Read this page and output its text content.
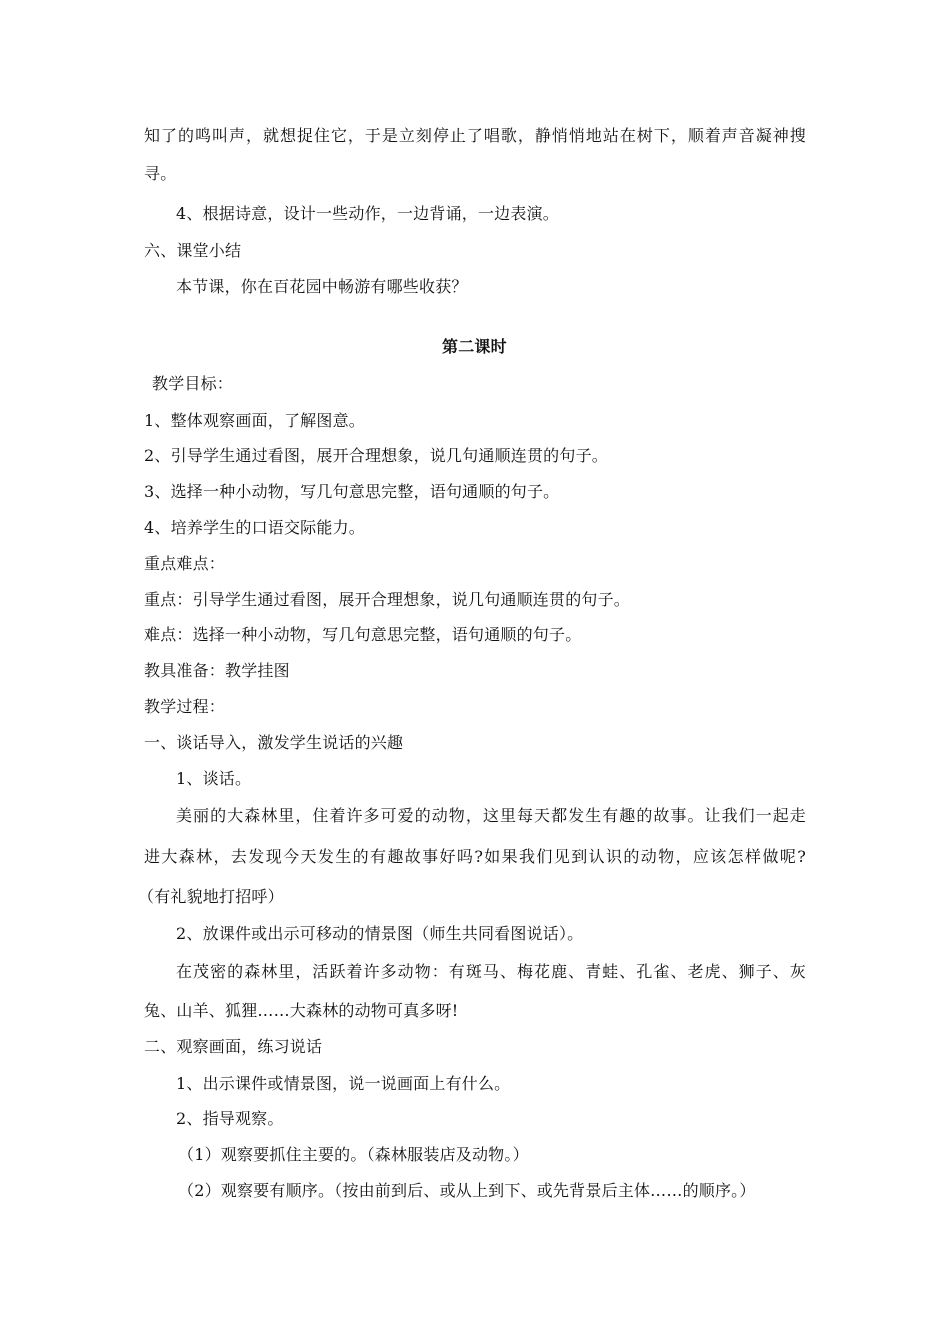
知了的鸣叫声，就想捉住它，于是立刻停止了唱歌，静悄悄地站在树下，顺着声音凝神搜
寻。
4、根据诗意，设计一些动作，一边背诵，一边表演。
六、课堂小结
本节课，你在百花园中畅游有哪些收获？
第二课时
教学目标：
1、整体观察画面，了解图意。
2、引导学生通过看图，展开合理想象，说几句通顺连贯的句子。
3、选择一种小动物，写几句意思完整，语句通顺的句子。
4、培养学生的口语交际能力。
重点难点：
重点：引导学生通过看图，展开合理想象，说几句通顺连贯的句子。
难点：选择一种小动物，写几句意思完整，语句通顺的句子。
教具准备：教学挂图
教学过程：
一、谈话导入，激发学生说话的兴趣
1、谈话。
美丽的大森林里，住着许多可爱的动物，这里每天都发生有趣的故事。让我们一起走
进大森林，去发现今天发生的有趣故事好吗?如果我们见到认识的动物，应该怎样做呢?
（有礼貌地打招呼）
2、放课件或出示可移动的情景图（师生共同看图说话）。
在茂密的森林里，活跃着许多动物：有斑马、梅花鹿、青蛙、孔雀、老虎、狮子、灰
兔、山羊、狐狸……大森林的动物可真多呀!
二、观察画面，练习说话
1、出示课件或情景图，说一说画面上有什么。
2、指导观察。
（1）观察要抓住主要的。（森林服装店及动物。）
（2）观察要有顺序。（按由前到后、或从上到下、或先背景后主体……的顺序。）
